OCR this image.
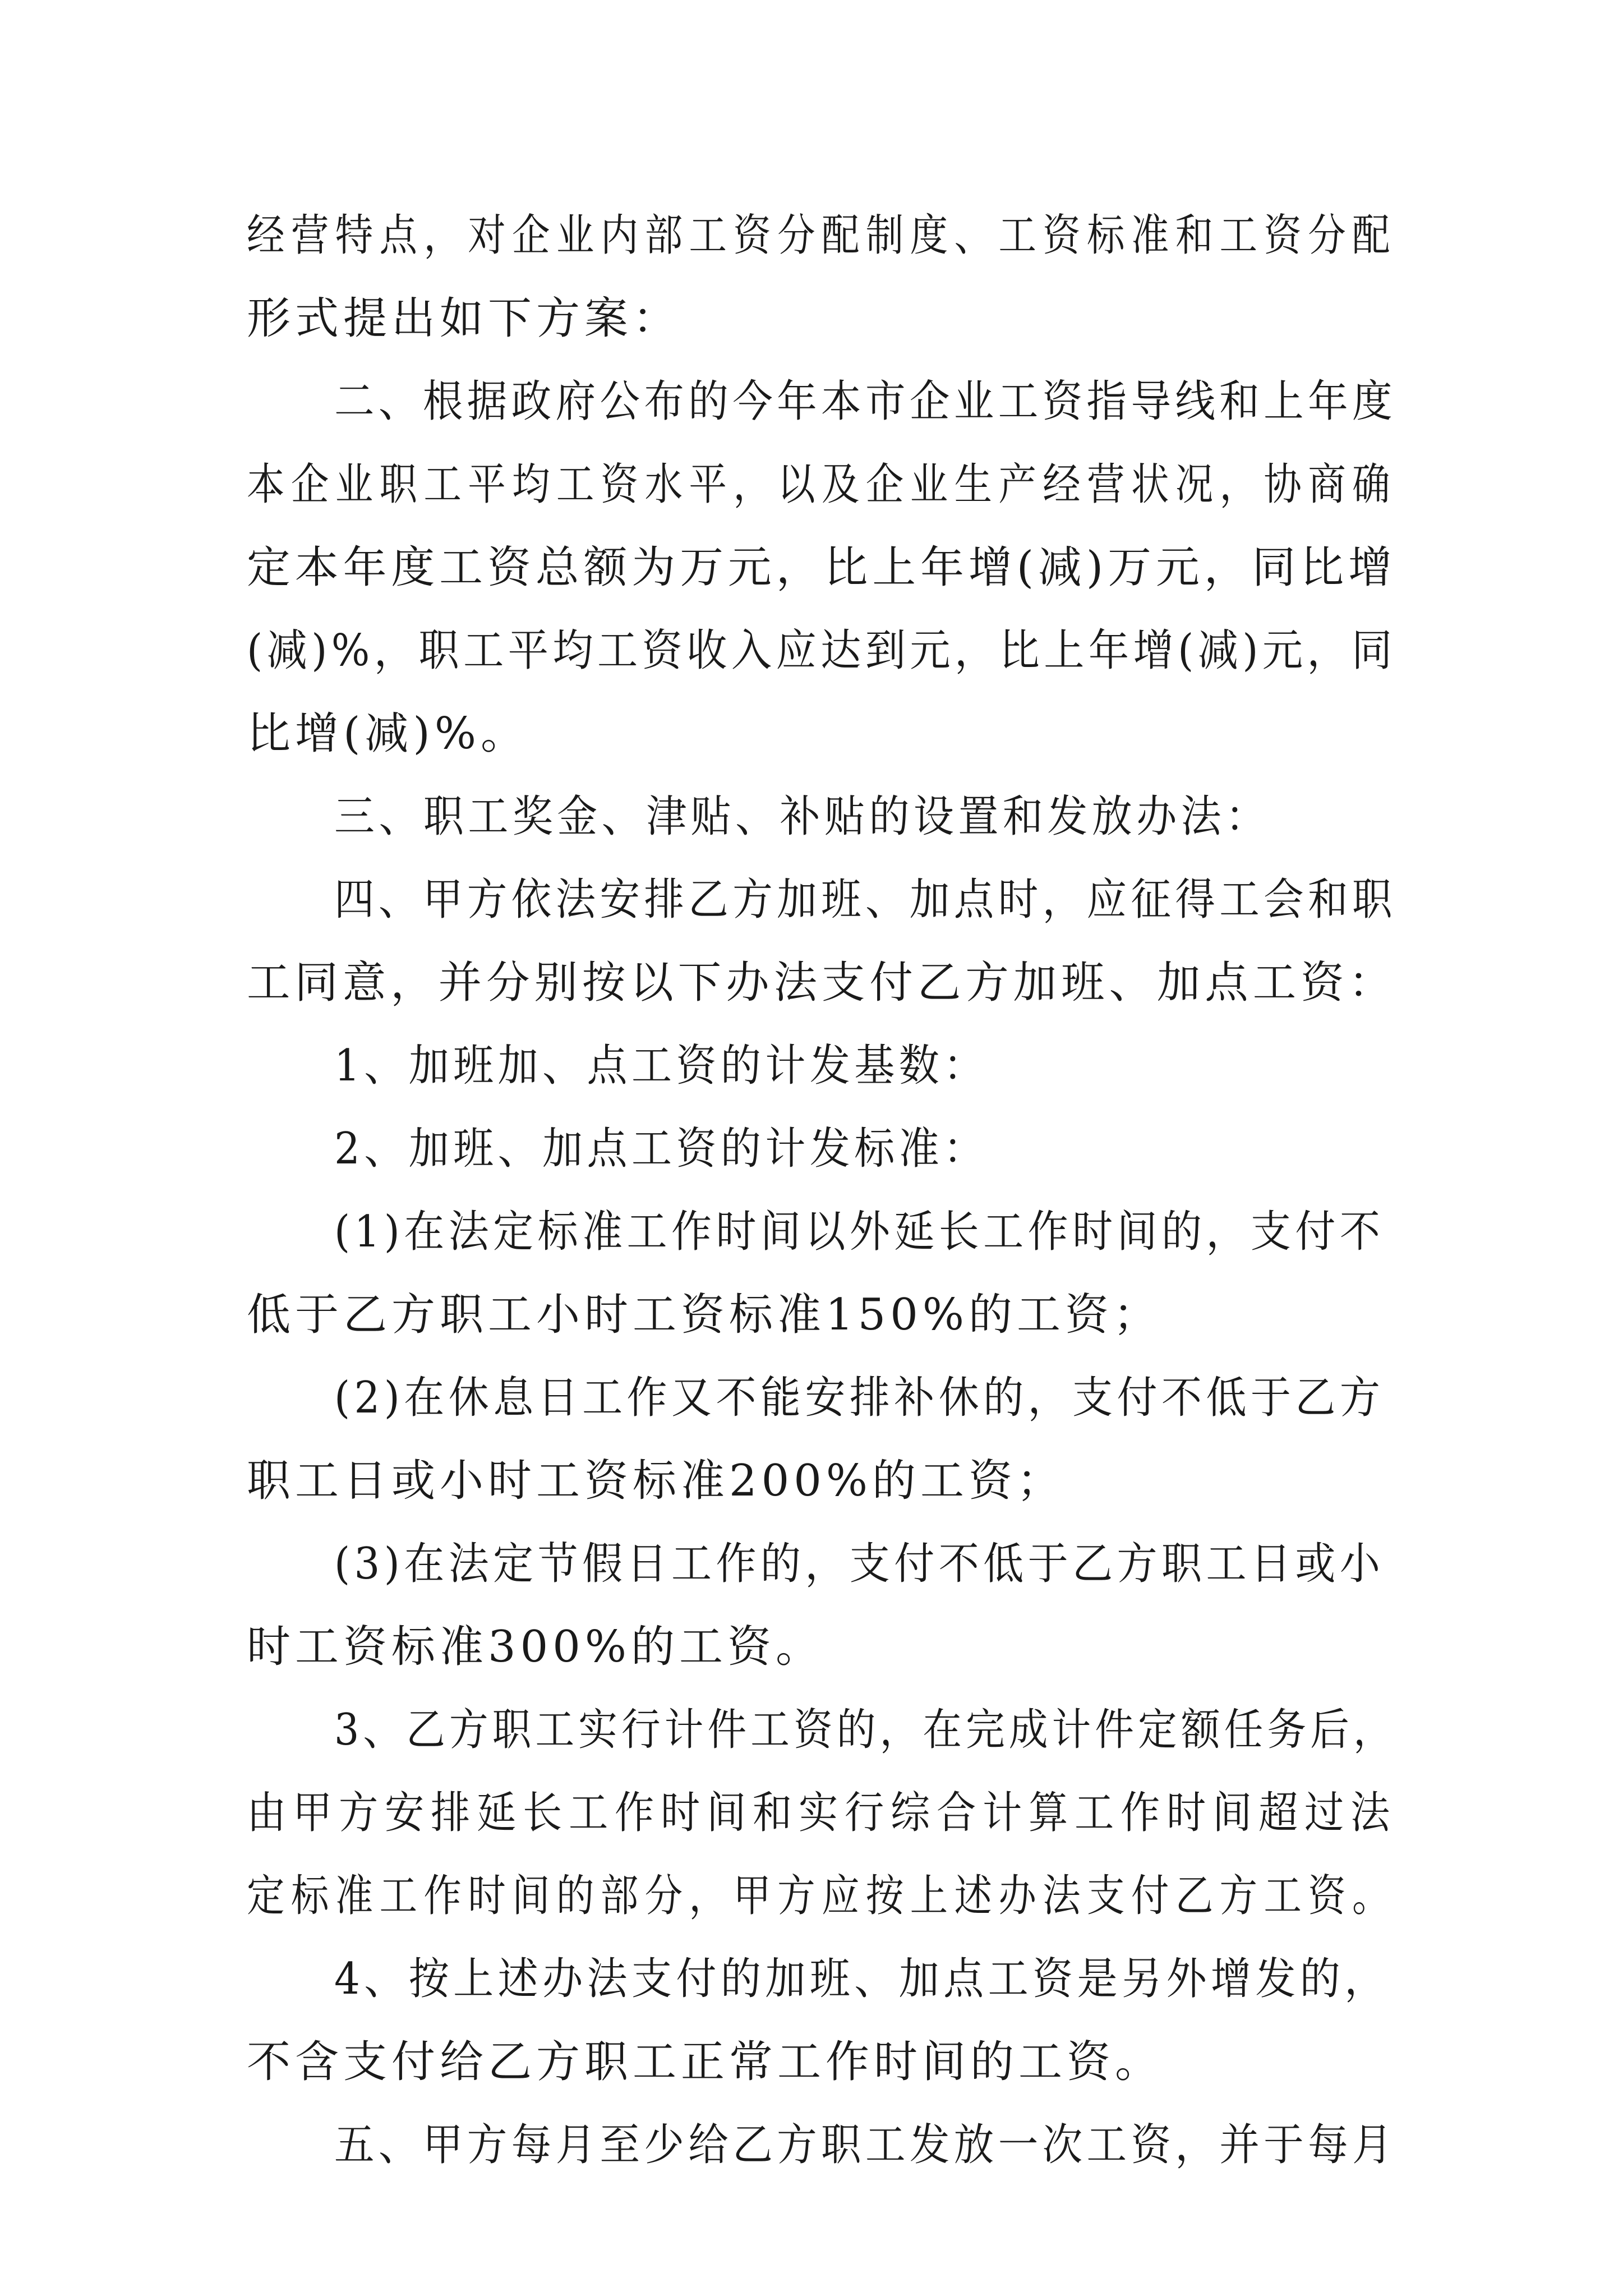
经营特点，对企业内部工资分配制度、工资标准和工资分配
形式提出如下方案：
二、根据政府公布的今年本市企业工资指导线和上年度
本企业职工平均工资水平，以及企业生产经营状况，协商确
定本年度工资总额为万元，比上年增(减)万元，同比增
(减)%，职工平均工资收入应达到元，比上年增(减)元，同
比增(减)%。
三、职工奖金、津贴、补贴的设置和发放办法：
四、甲方依法安排乙方加班、加点时，应征得工会和职
工同意，并分别按以下办法支付乙方加班、加点工资：
1、加班加、点工资的计发基数：
2、加班、加点工资的计发标准：
(1)在法定标准工作时间以外延长工作时间的，支付不
低于乙方职工小时工资标准150%的工资；
(2)在休息日工作又不能安排补休的，支付不低于乙方
职工日或小时工资标准200%的工资；
(3)在法定节假日工作的，支付不低于乙方职工日或小
时工资标准300%的工资。
3、乙方职工实行计件工资的，在完成计件定额任务后，
由甲方安排延长工作时间和实行综合计算工作时间超过法
定标准工作时间的部分，甲方应按上述办法支付乙方工资。
4、按上述办法支付的加班、加点工资是另外增发的，
不含支付给乙方职工正常工作时间的工资。
五、甲方每月至少给乙方职工发放一次工资，并于每月
